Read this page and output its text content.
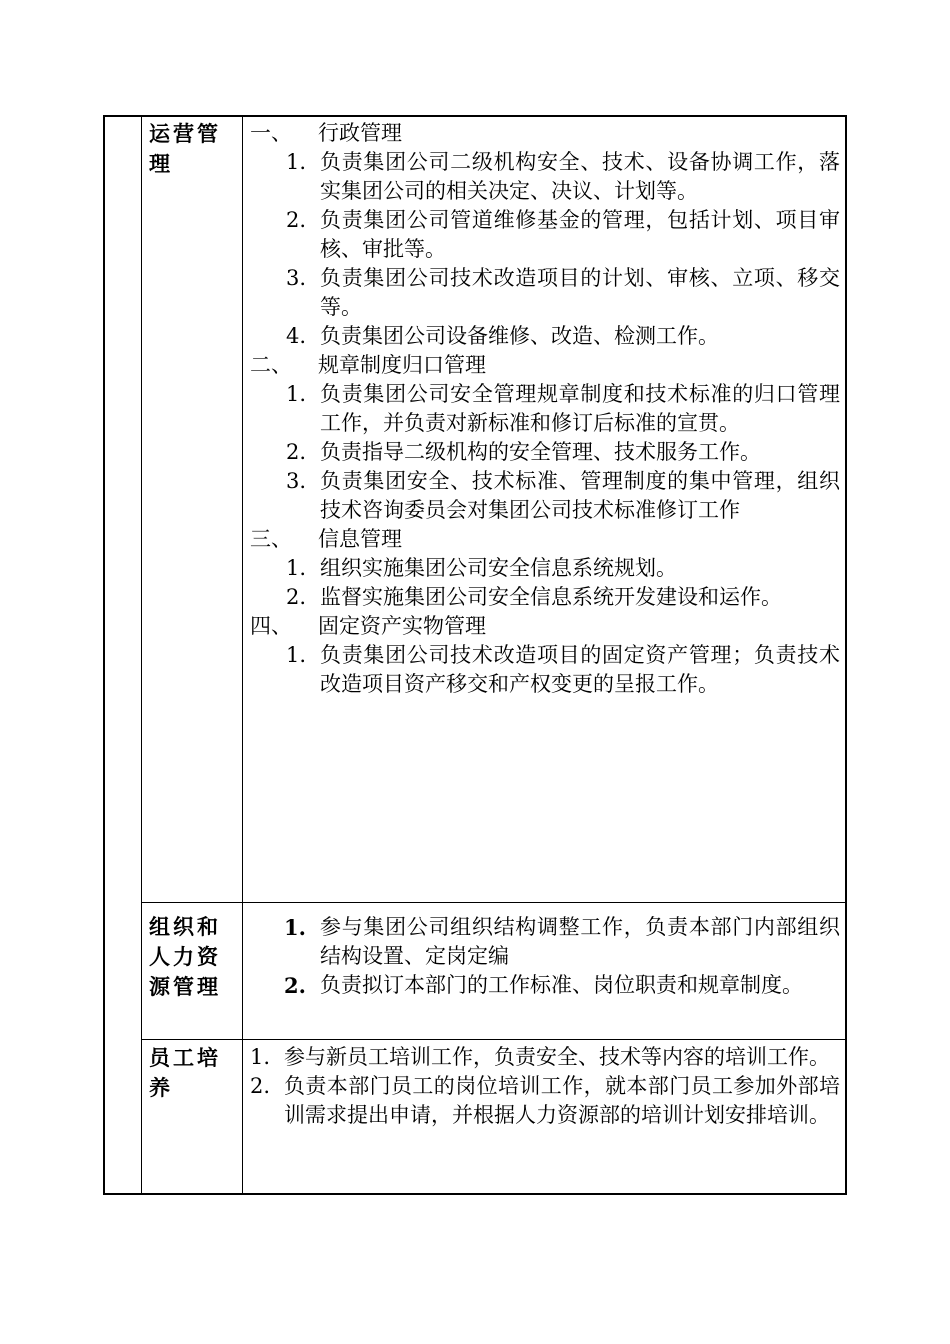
运营管理
一、 行政管理
1. 负责集团公司二级机构安全、技术、设备协调工作，落实集团公司的相关决定、决议、计划等。
2. 负责集团公司管道维修基金的管理，包括计划、项目审核、审批等。
3. 负责集团公司技术改造项目的计划、审核、立项、移交等。
4. 负责集团公司设备维修、改造、检测工作。
二、 规章制度归口管理
1. 负责集团公司安全管理规章制度和技术标准的归口管理工作，并负责对新标准和修订后标准的宣贯。
2. 负责指导二级机构的安全管理、技术服务工作。
3. 负责集团安全、技术标准、管理制度的集中管理，组织技术咨询委员会对集团公司技术标准修订工作
三、 信息管理
1. 组织实施集团公司安全信息系统规划。
2. 监督实施集团公司安全信息系统开发建设和运作。
四、 固定资产实物管理
1. 负责集团公司技术改造项目的固定资产管理；负责技术改造项目资产移交和产权变更的呈报工作。
组织和人力资源管理
1. 参与集团公司组织结构调整工作，负责本部门内部组织结构设置、定岗定编
2. 负责拟订本部门的工作标准、岗位职责和规章制度。
员工培养
1. 参与新员工培训工作，负责安全、技术等内容的培训工作。
2. 负责本部门员工的岗位培训工作，就本部门员工参加外部培训需求提出申请，并根据人力资源部的培训计划安排培训。
